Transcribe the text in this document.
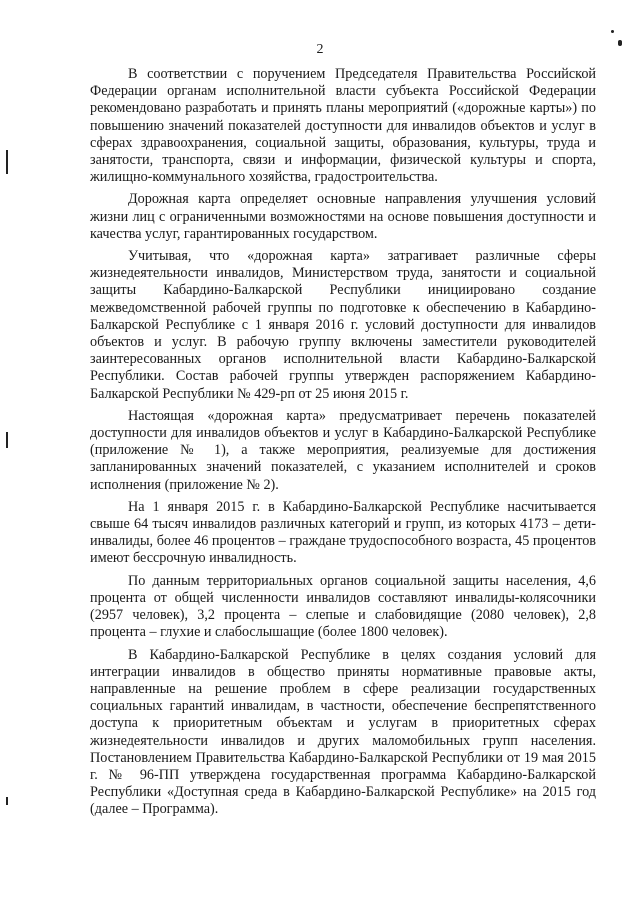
2

В соответствии с поручением Председателя Правительства Российской Федерации органам исполнительной власти субъекта Российской Федерации рекомендовано разработать и принять планы мероприятий («дорожные карты») по повышению значений показателей доступности для инвалидов объектов и услуг в сферах здравоохранения, социальной защиты, образования, культуры, труда и занятости, транспорта, связи и информации, физической культуры и спорта, жилищно-коммунального хозяйства, градостроительства.

Дорожная карта определяет основные направления улучшения условий жизни лиц с ограниченными возможностями на основе повышения доступности и качества услуг, гарантированных государством.

Учитывая, что «дорожная карта» затрагивает различные сферы жизнедеятельности инвалидов, Министерством труда, занятости и социальной защиты Кабардино-Балкарской Республики инициировано создание межведомственной рабочей группы по подготовке к обеспечению в Кабардино-Балкарской Республике с 1 января 2016 г. условий доступности для инвалидов объектов и услуг. В рабочую группу включены заместители руководителей заинтересованных органов исполнительной власти Кабардино-Балкарской Республики. Состав рабочей группы утвержден распоряжением Кабардино-Балкарской Республики № 429-рп от 25 июня 2015 г.

Настоящая «дорожная карта» предусматривает перечень показателей доступности для инвалидов объектов и услуг в Кабардино-Балкарской Республике (приложение № 1), а также мероприятия, реализуемые для достижения запланированных значений показателей, с указанием исполнителей и сроков исполнения (приложение № 2).

На 1 января 2015 г. в Кабардино-Балкарской Республике насчитывается свыше 64 тысяч инвалидов различных категорий и групп, из которых 4173 – дети-инвалиды, более 46 процентов – граждане трудоспособного возраста, 45 процентов имеют бессрочную инвалидность.

По данным территориальных органов социальной защиты населения, 4,6 процента от общей численности инвалидов составляют инвалиды-колясочники (2957 человек), 3,2 процента – слепые и слабовидящие (2080 человек), 2,8 процента – глухие и слабослышащие (более 1800 человек).

В Кабардино-Балкарской Республике в целях создания условий для интеграции инвалидов в общество приняты нормативные правовые акты, направленные на решение проблем в сфере реализации государственных социальных гарантий инвалидам, в частности, обеспечение беспрепятственного доступа к приоритетным объектам и услугам в приоритетных сферах жизнедеятельности инвалидов и других маломобильных групп населения. Постановлением Правительства Кабардино-Балкарской Республики от 19 мая 2015 г. № 96-ПП утверждена государственная программа Кабардино-Балкарской Республики «Доступная среда в Кабардино-Балкарской Республике» на 2015 год (далее – Программа).
